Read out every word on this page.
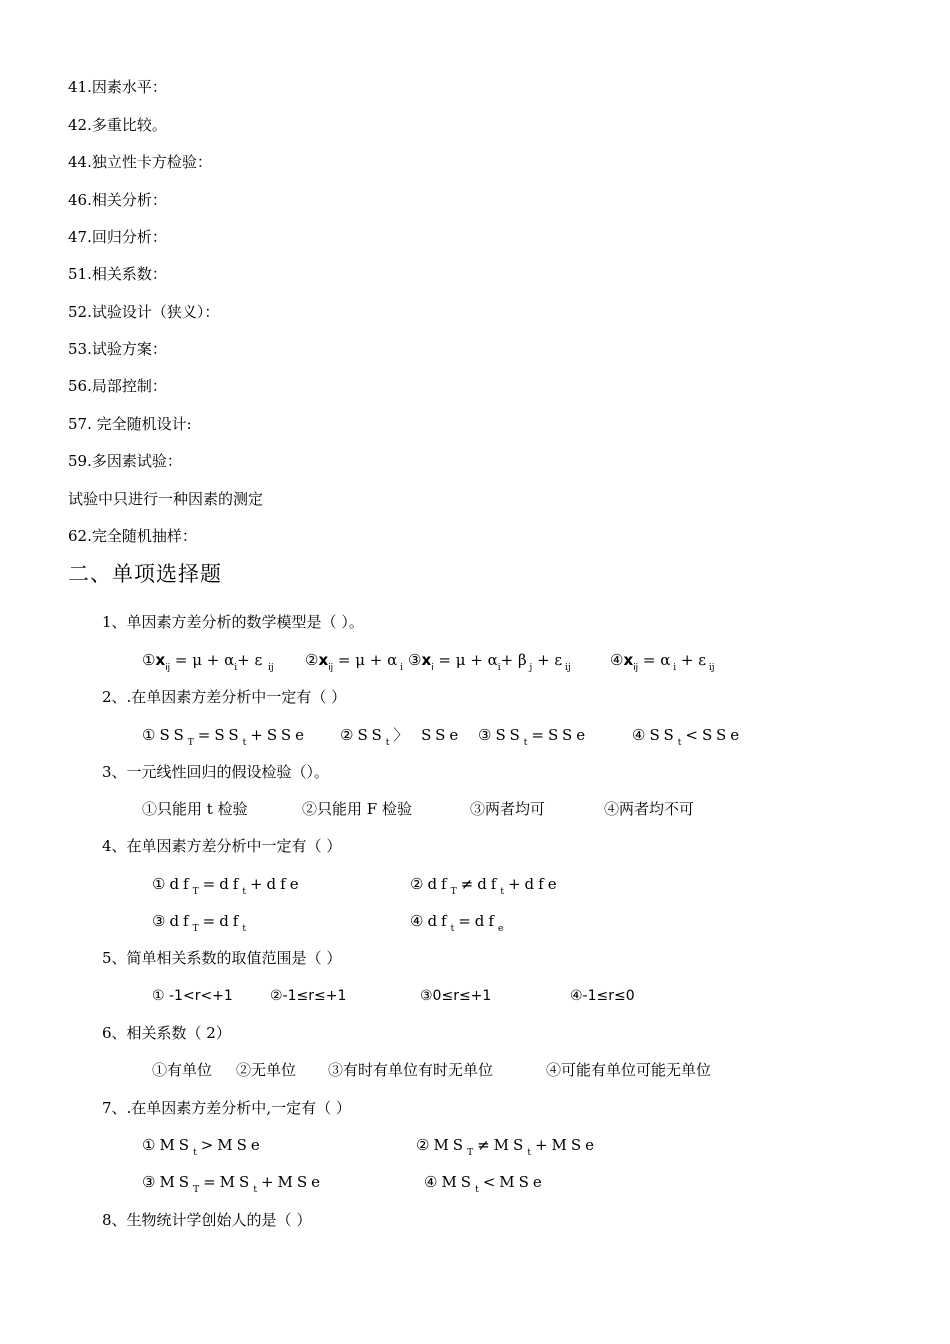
41.因素水平：
42.多重比较。
44.独立性卡方检验：
46.相关分析：
47.回归分析：
51.相关系数：
52.试验设计（狭义）：
53.试验方案：
56.局部控制：
57. 完全随机设计:
59.多因素试验：
试验中只进行一种因素的测定
62.完全随机抽样：
二、单项选择题
1、单因素方差分析的数学模型是（ ）。
$①x_{ij} = \mu + \alpha_i+ \varepsilon$  $_{ij}$ $②x_{ij} = \mu + \alpha$ $_i$ $③x_i = \mu + \alpha_i+ \beta$ $_j$ + ε $_{ij}$	$④x_{ij} = \alpha$ $_i$ + ε $_{ij}$
2、.在单因素方差分析中一定有（ ）
$①SS_T=SS_t+SSe$ $②SS_t$〉 SSe $③SS_t=SSe$	$④SS_t<SSe$
3、一元线性回归的假设检验（）。
①只能用 t 检验	②只能用 F 检验	③两者均可	④两者均不可
4、在单因素方差分析中一定有（ ）
$①df_T=df_t+dfe$	$②df_T\ne df_t+dfe$
$③df_T=df_t$	$④df_t=df_e$
5、简单相关系数的取值范围是（ ）
① -1<r<+1	②-1≤r≤+1	③0≤r≤+1	④-1≤r≤0
6、相关系数（ 2）
①有单位 ②无单位 ③有时有单位有时无单位	④可能有单位可能无单位
7、.在单因素方差分析中,一定有（ ）
$①MS_t>MSe$	$②MS_T\ne MS_t+MSe$
$③MS_T=MS_t+MSe$	$④MS_t<MSe$
8、生物统计学创始人的是（ ）
